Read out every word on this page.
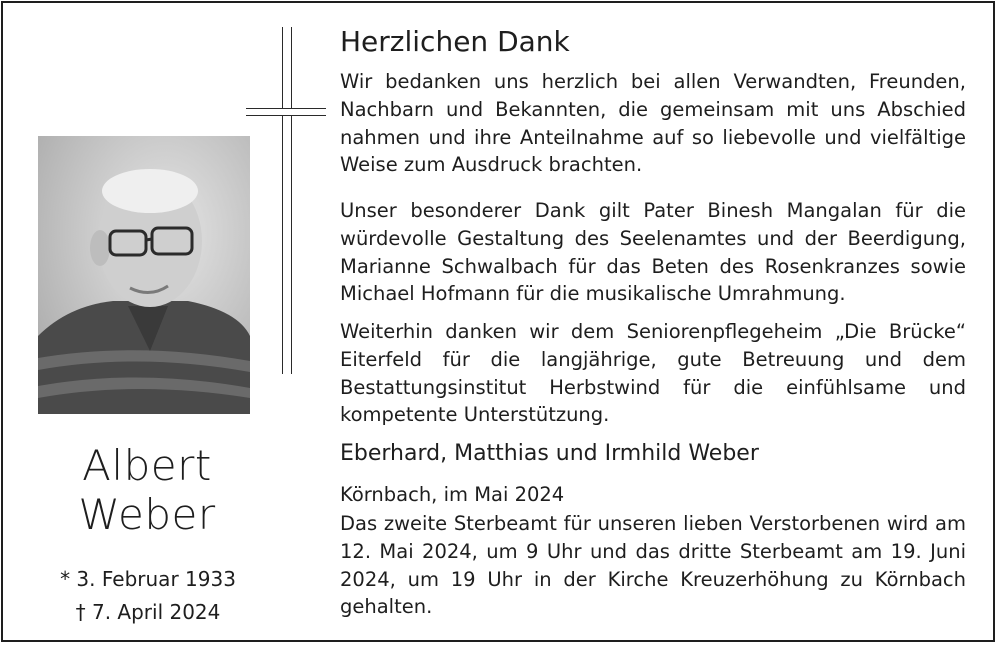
Albert
Weber
* 3. Februar 1933
† 7. April 2024
Herzlichen Dank
Wir bedanken uns herzlich bei allen Verwandten, Freunden, Nachbarn und Bekannten, die gemeinsam mit uns Abschied nahmen und ihre Anteilnahme auf so liebevolle und vielfältige Weise zum Ausdruck brachten.
Unser besonderer Dank gilt Pater Binesh Mangalan für die würdevolle Gestaltung des Seelenamtes und der Beerdigung, Marianne Schwalbach für das Beten des Rosenkranzes sowie Michael Hofmann für die musikalische Umrahmung.
Weiterhin danken wir dem Seniorenpflegeheim „Die Brücke“ Eiterfeld für die langjährige, gute Betreuung und dem Bestattungsinstitut Herbstwind für die einfühlsame und kompetente Unterstützung.
Eberhard, Matthias und Irmhild Weber
Körnbach, im Mai 2024
Das zweite Sterbeamt für unseren lieben Verstorbenen wird am 12. Mai 2024, um 9 Uhr und das dritte Sterbeamt am 19. Juni 2024, um 19 Uhr in der Kirche Kreuzerhöhung zu Körnbach gehalten.
